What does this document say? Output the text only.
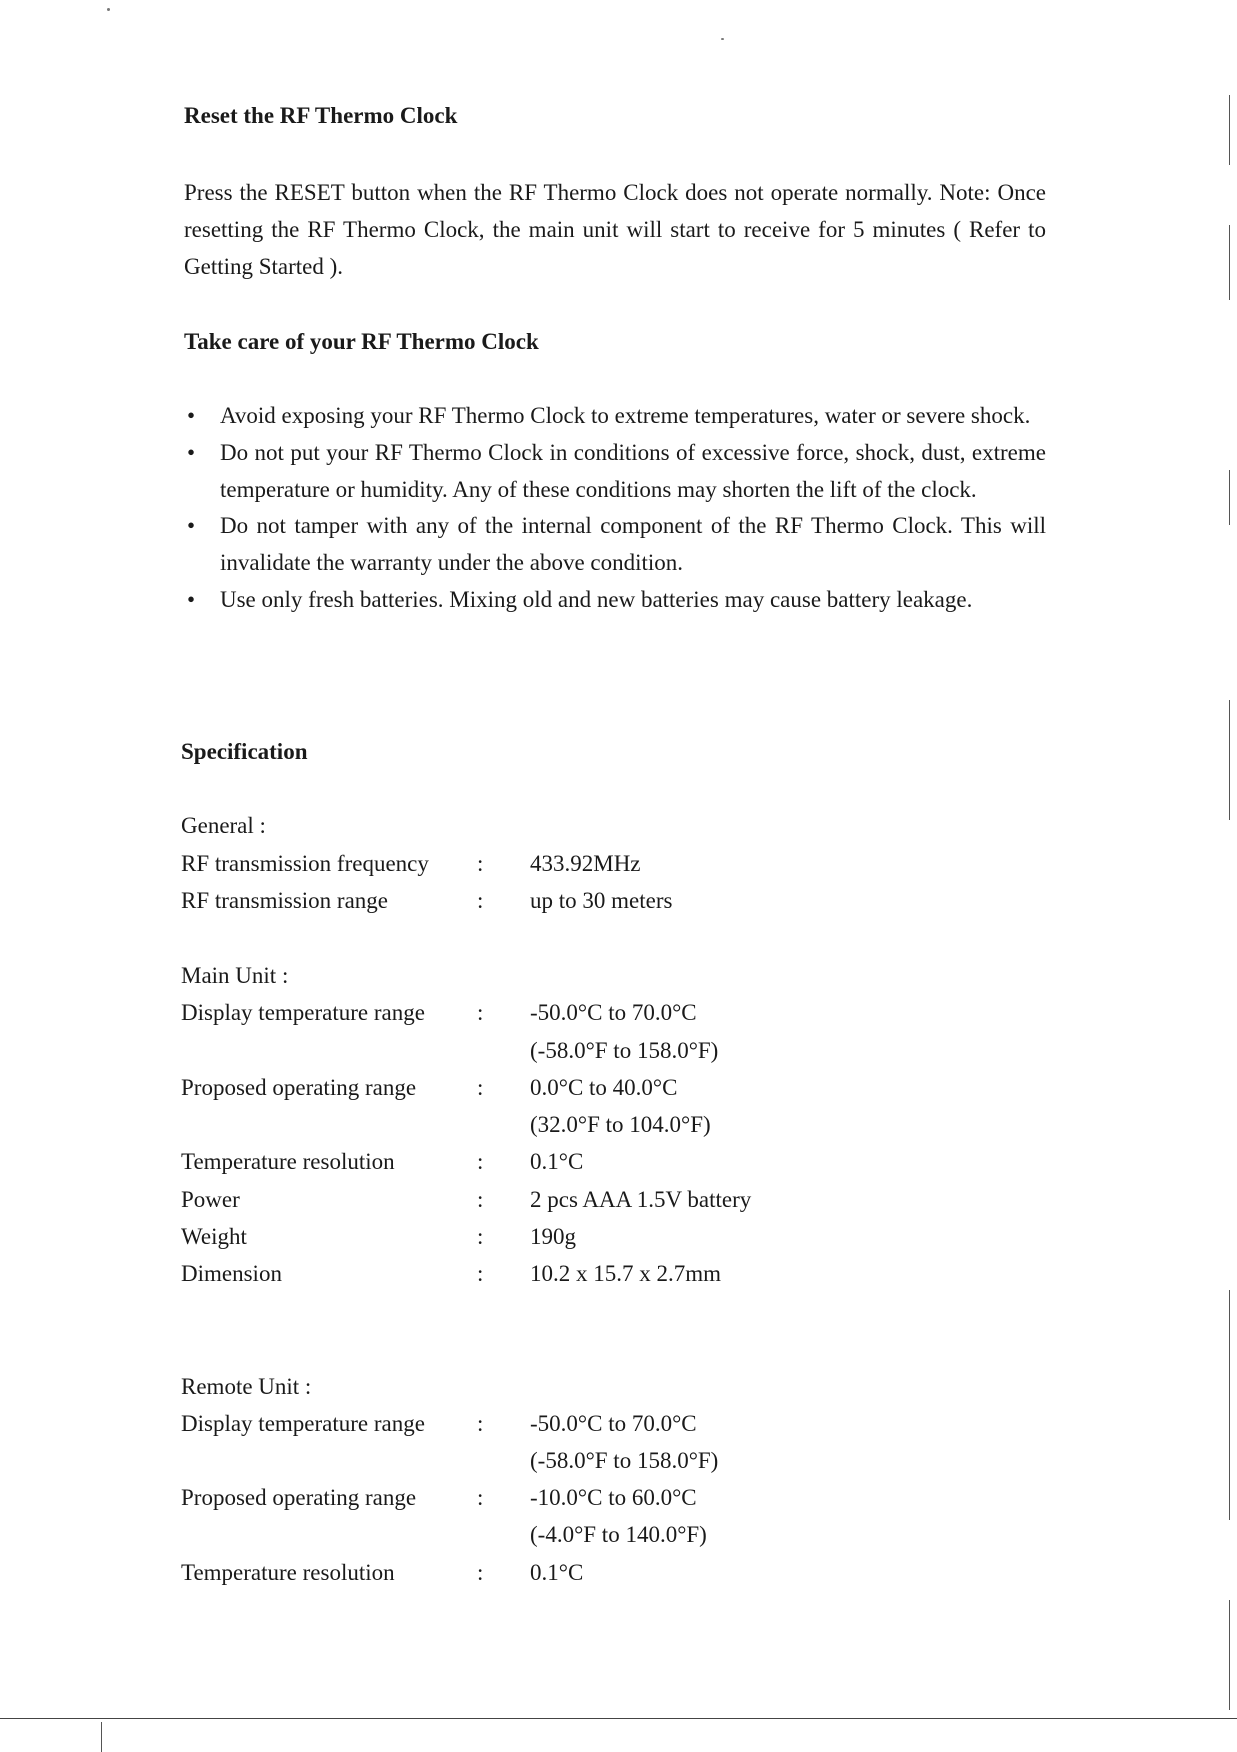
Reset the RF Thermo Clock
Press the RESET button when the RF Thermo Clock does not operate normally. Note: Once resetting the RF Thermo Clock, the main unit will start to receive for 5 minutes ( Refer to Getting Started ).
Take care of your RF Thermo Clock
• Avoid exposing your RF Thermo Clock to extreme temperatures, water or severe shock.
• Do not put your RF Thermo Clock in conditions of excessive force, shock, dust, extreme temperature or humidity. Any of these conditions may shorten the lift of the clock.
• Do not tamper with any of the internal component of the RF Thermo Clock. This will invalidate the warranty under the above condition.
• Use only fresh batteries. Mixing old and new batteries may cause battery leakage.
Specification
General :
RF transmission frequency : 433.92MHz
RF transmission range	: up to 30 meters
Main Unit :
Display temperature range : -50.0°C to 70.0°C
(-58.0°F to 158.0°F)
Proposed operating range	: 0.0°C to 40.0°C
(32.0°F to 104.0°F)
Temperature resolution	: 0.1°C
Power	: 2 pcs AAA 1.5V battery
Weight	: 190g
Dimension	: 10.2 x 15.7 x 2.7mm
Remote Unit :
Display temperature range : -50.0°C to 70.0°C
(-58.0°F to 158.0°F)
Proposed operating range	: -10.0°C to 60.0°C
(-4.0°F to 140.0°F)
Temperature resolution	: 0.1°C
